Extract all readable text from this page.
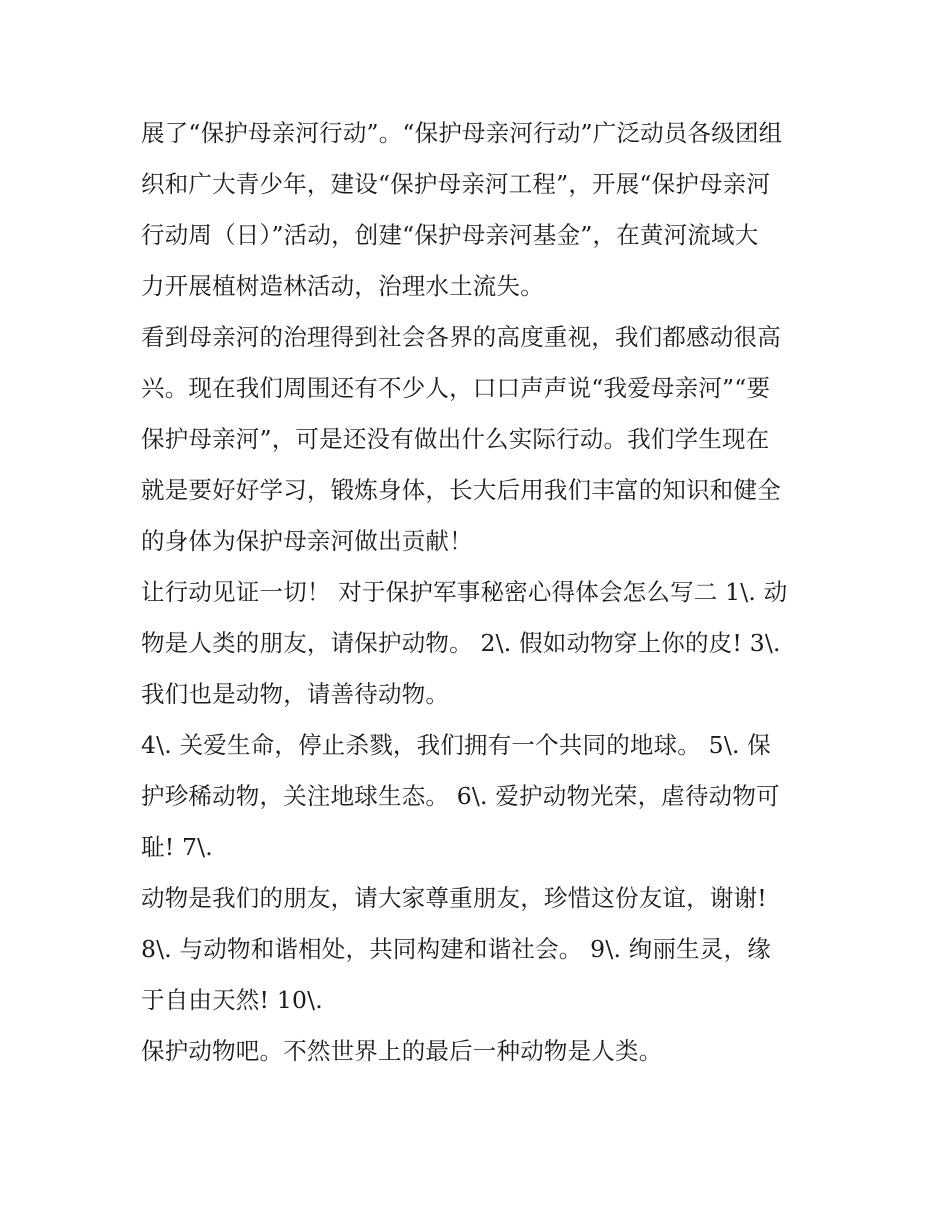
展了“保护母亲河行动”。“保护母亲河行动”广泛动员各级团组
织和广大青少年，建设“保护母亲河工程”，开展“保护母亲河
行动周（日）”活动，创建“保护母亲河基金”，在黄河流域大
力开展植树造林活动，治理水土流失。
看到母亲河的治理得到社会各界的高度重视，我们都感动很高
兴。现在我们周围还有不少人，口口声声说“我爱母亲河”“要
保护母亲河”，可是还没有做出什么实际行动。我们学生现在
就是要好好学习，锻炼身体，长大后用我们丰富的知识和健全
的身体为保护母亲河做出贡献！
让行动见证一切！ 对于保护军事秘密心得体会怎么写二 1\. 动
物是人类的朋友，请保护动物。 2\. 假如动物穿上你的皮! 3\.
我们也是动物，请善待动物。
4\. 关爱生命，停止杀戮，我们拥有一个共同的地球。 5\. 保
护珍稀动物，关注地球生态。 6\. 爱护动物光荣，虐待动物可
耻! 7\.
动物是我们的朋友，请大家尊重朋友，珍惜这份友谊，谢谢!
8\. 与动物和谐相处，共同构建和谐社会。 9\. 绚丽生灵，缘
于自由天然! 10\.
保护动物吧。不然世界上的最后一种动物是人类。
